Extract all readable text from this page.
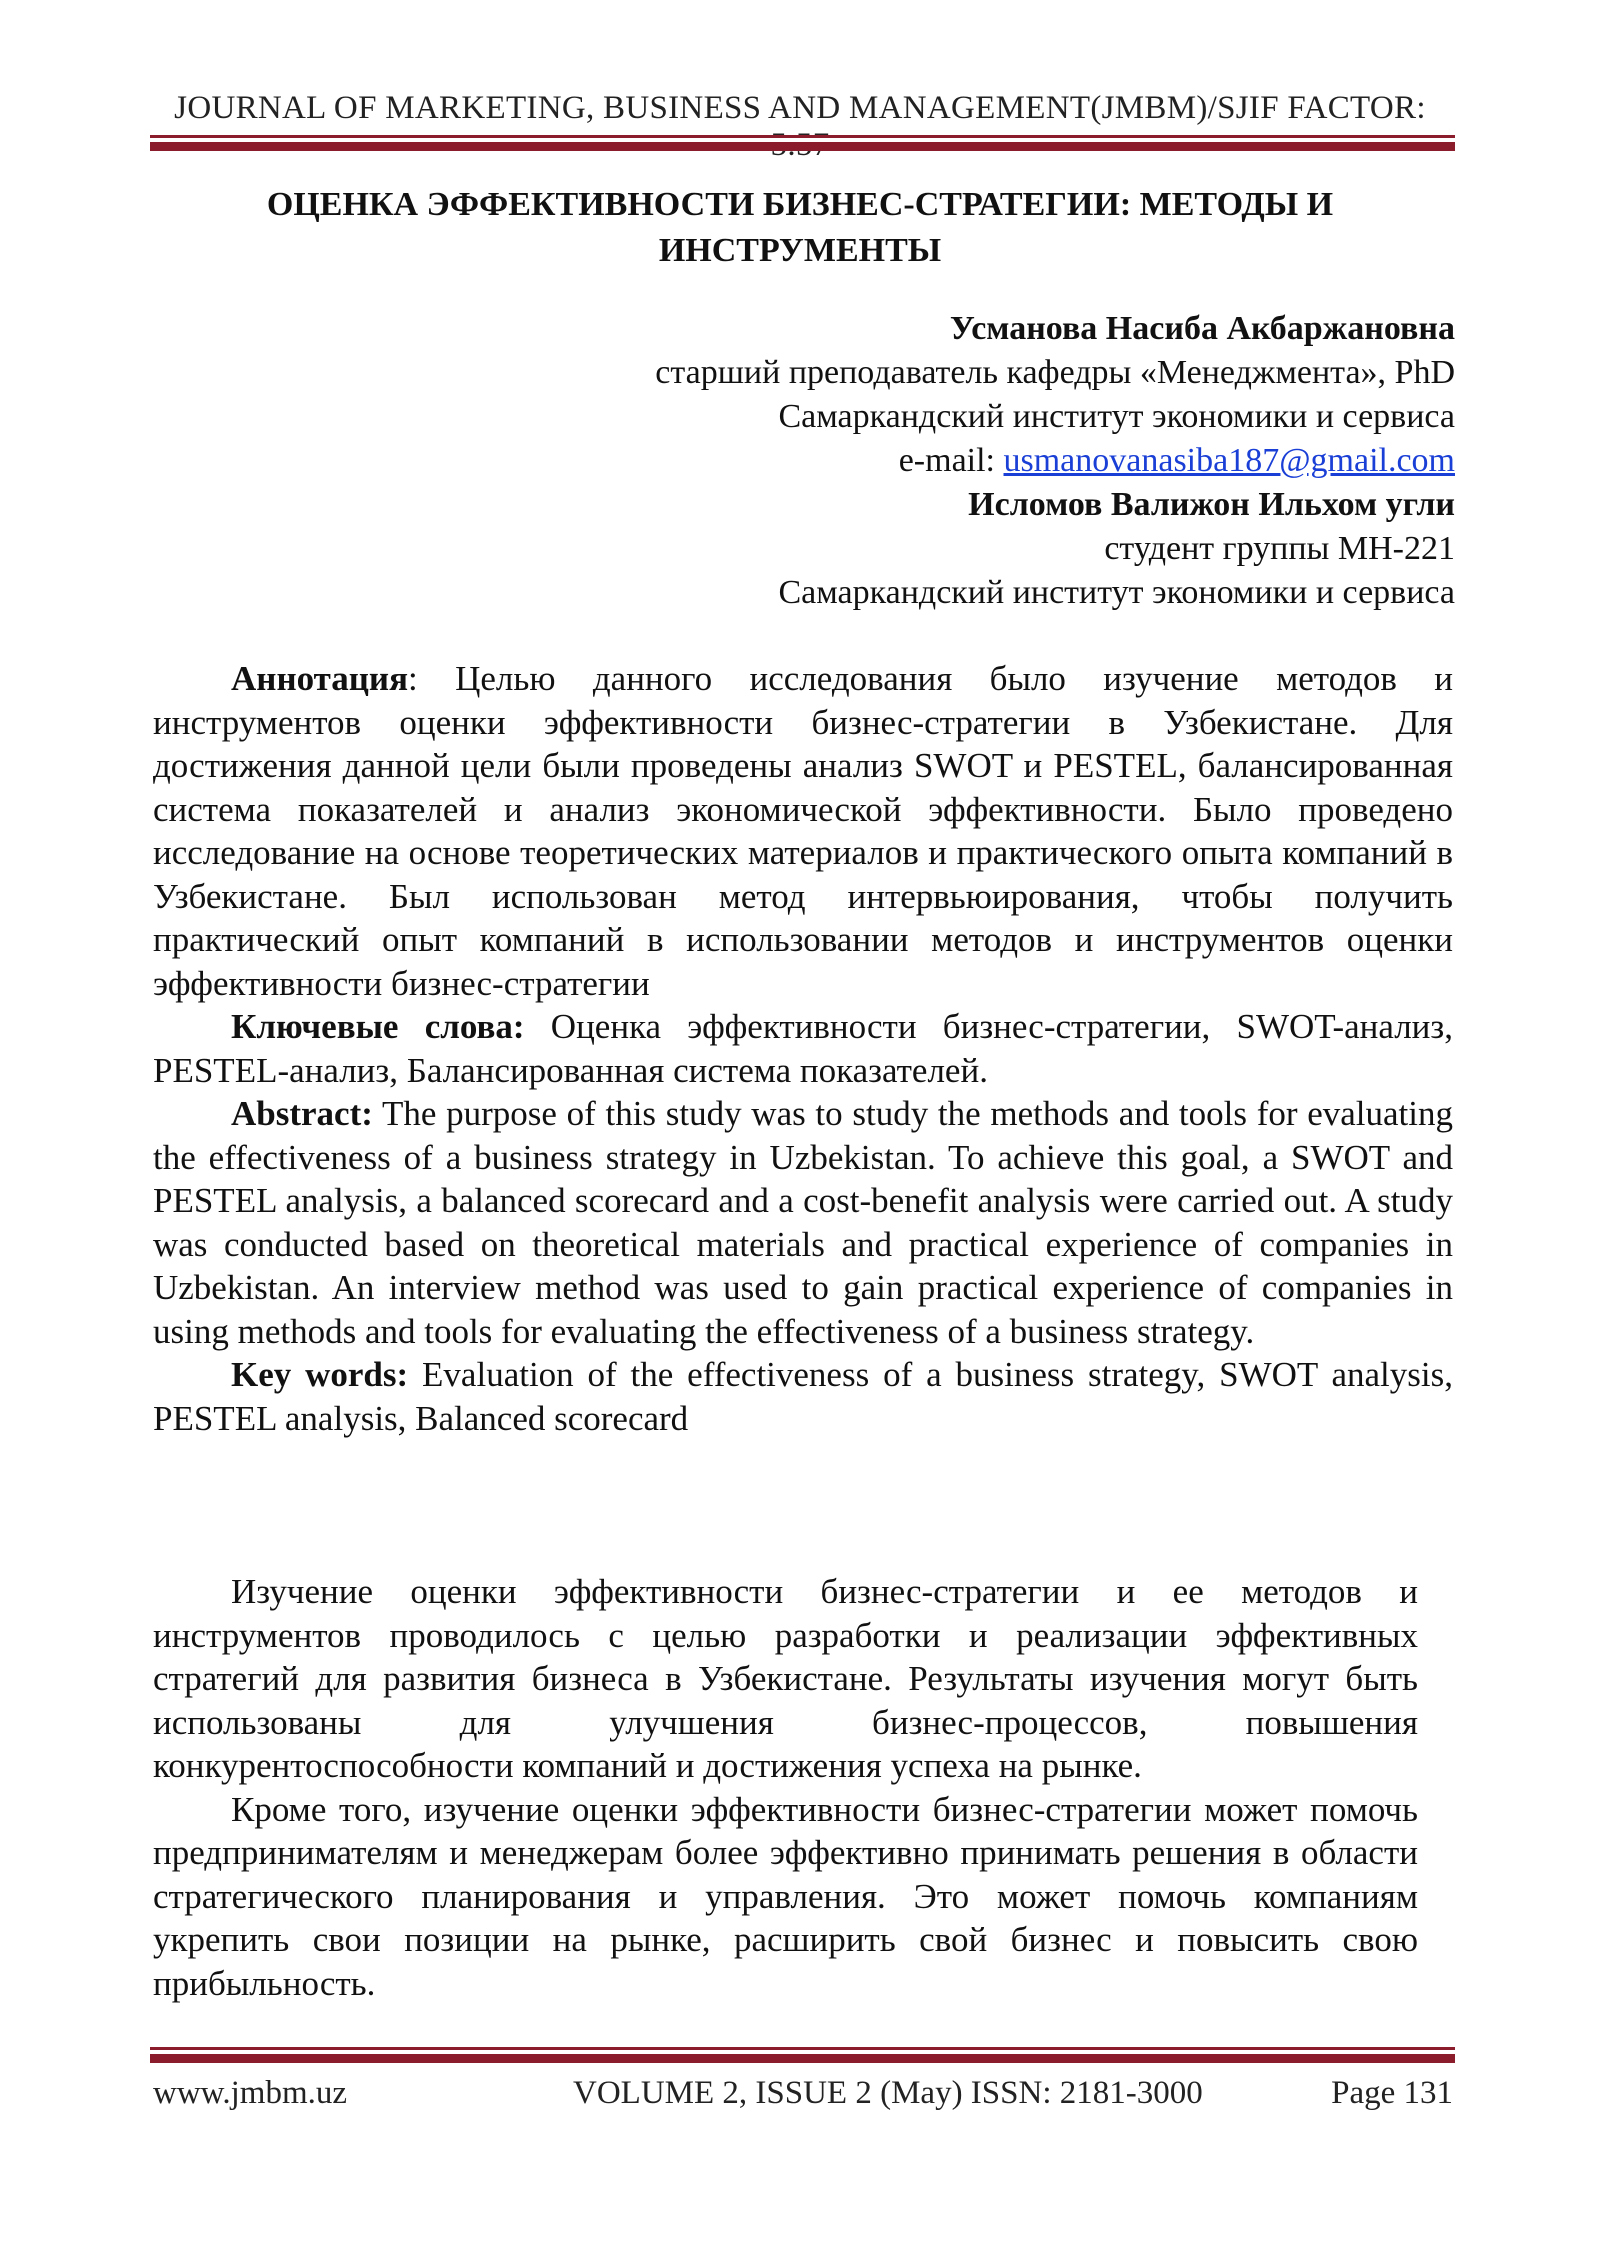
JOURNAL OF MARKETING, BUSINESS AND MANAGEMENT(JMBM)/SJIF FACTOR:
ОЦЕНКА ЭФФЕКТИВНОСТИ БИЗНЕС-СТРАТЕГИИ: МЕТОДЫ И ИНСТРУМЕНТЫ
Усманова Насиба Акбаржановна
старший преподаватель кафедры «Менеджмента», PhD
Самаркандский институт экономики и сервиса
e-mail: usmanovanasiba187@gmail.com
Исломов Валижон Ильхом угли
студент группы МН-221
Самаркандский институт экономики и сервиса

Аннотация: Целью данного исследования было изучение методов и инструментов оценки эффективности бизнес-стратегии в Узбекистане. Для достижения данной цели были проведены анализ SWOT и PESTEL, балансированная система показателей и анализ экономической эффективности. Было проведено исследование на основе теоретических материалов и практического опыта компаний в Узбекистане. Был использован метод интервьюирования, чтобы получить практический опыт компаний в использовании методов и инструментов оценки эффективности бизнес-стратегии

Ключевые слова: Оценка эффективности бизнес-стратегии, SWOT-анализ, PESTEL-анализ, Балансированная система показателей.

Abstract: The purpose of this study was to study the methods and tools for evaluating the effectiveness of a business strategy in Uzbekistan. To achieve this goal, a SWOT and PESTEL analysis, a balanced scorecard and a cost-benefit analysis were carried out. A study was conducted based on theoretical materials and practical experience of companies in Uzbekistan. An interview method was used to gain practical experience of companies in using methods and tools for evaluating the effectiveness of a business strategy.

Key words: Evaluation of the effectiveness of a business strategy, SWOT analysis, PESTEL analysis, Balanced scorecard

Изучение оценки эффективности бизнес-стратегии и ее методов и инструментов проводилось с целью разработки и реализации эффективных стратегий для развития бизнеса в Узбекистане. Результаты изучения могут быть использованы для улучшения бизнес-процессов, повышения конкурентоспособности компаний и достижения успеха на рынке.

Кроме того, изучение оценки эффективности бизнес-стратегии может помочь предпринимателям и менеджерам более эффективно принимать решения в области стратегического планирования и управления. Это может помочь компаниям укрепить свои позиции на рынке, расширить свой бизнес и повысить свою прибыльность.

www.jmbm.uz	VOLUME 2, ISSUE 2 (May) ISSN: 2181-3000	Page 131
